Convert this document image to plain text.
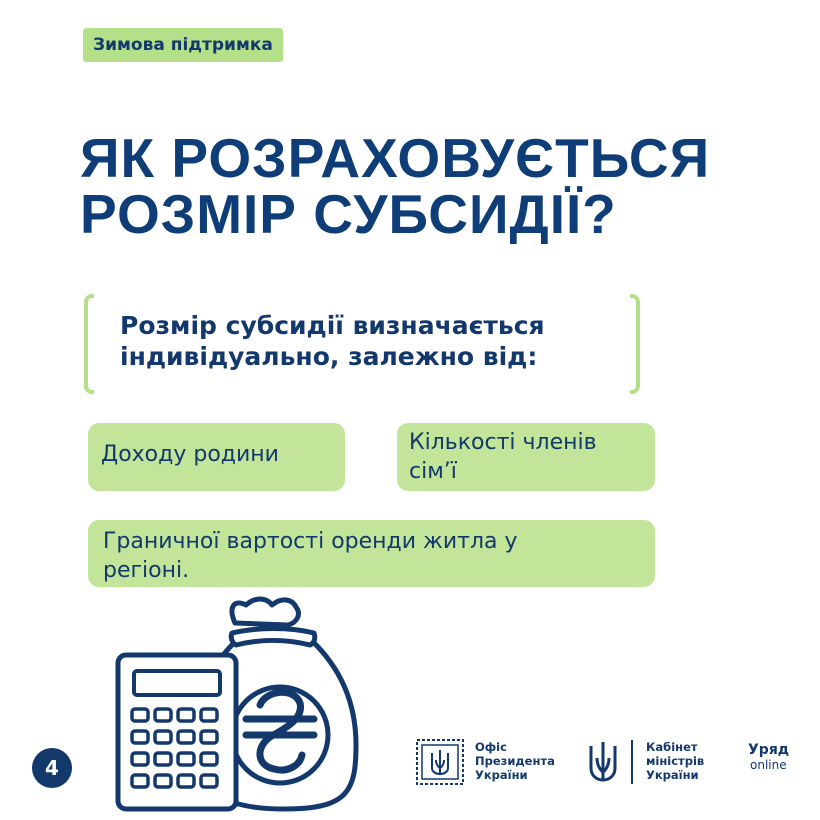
Зимова підтримка
ЯК РОЗРАХОВУЄТЬСЯ
РОЗМІР СУБСИДІЇ?

Розмір субсидії визначається
індивідуально, залежно від:

Доходу родини	Кількості членів
сім’ї
Граничної вартості оренди житла у
регіоні.
4
Офіс
Президента
України
Кабінет
міністрів
України
Уряд
online
